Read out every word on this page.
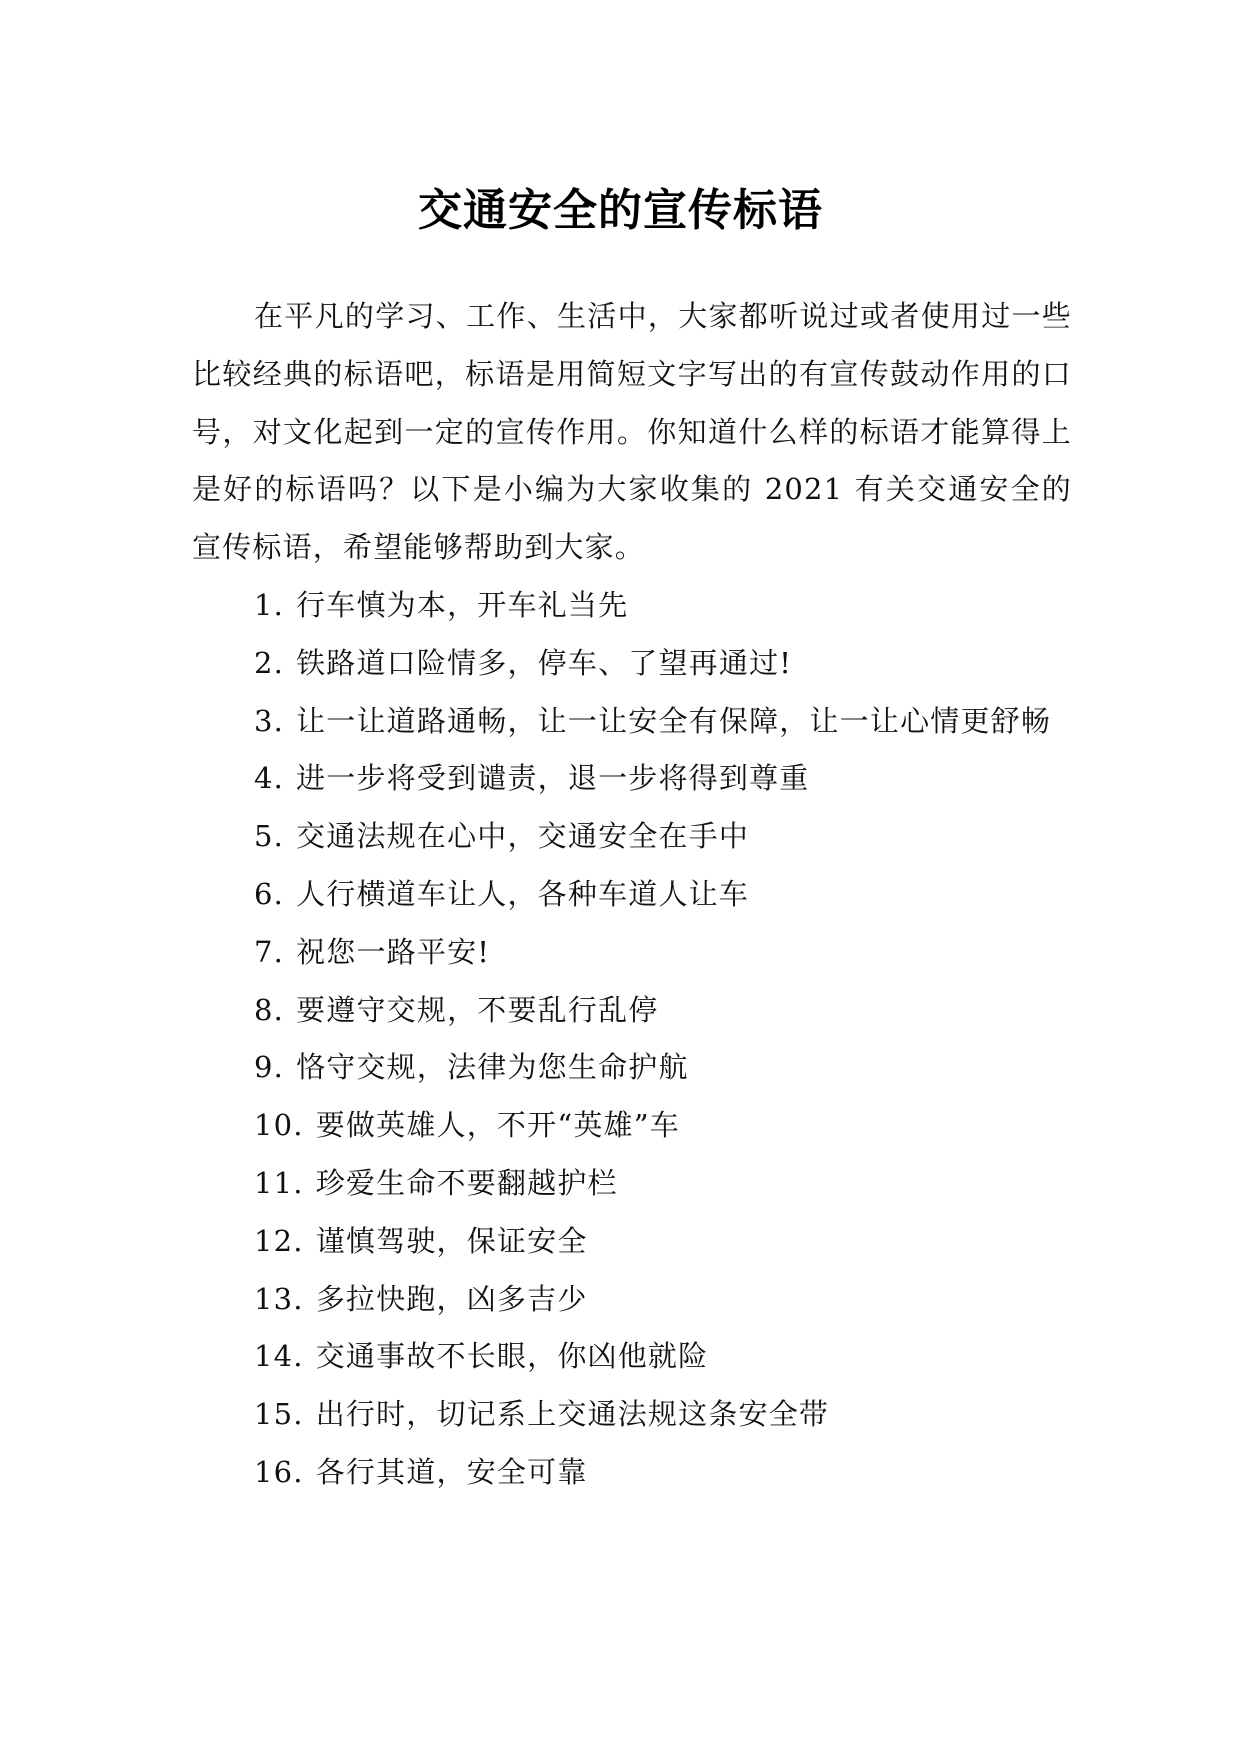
交通安全的宣传标语

在平凡的学习、工作、生活中，大家都听说过或者使用过一些比较经典的标语吧，标语是用简短文字写出的有宣传鼓动作用的口号，对文化起到一定的宣传作用。你知道什么样的标语才能算得上是好的标语吗？以下是小编为大家收集的 2021 有关交通安全的宣传标语，希望能够帮助到大家。

1. 行车慎为本，开车礼当先
2. 铁路道口险情多，停车、了望再通过!
3. 让一让道路通畅，让一让安全有保障，让一让心情更舒畅
4. 进一步将受到谴责，退一步将得到尊重
5. 交通法规在心中，交通安全在手中
6. 人行横道车让人，各种车道人让车
7. 祝您一路平安!
8. 要遵守交规，不要乱行乱停
9. 恪守交规，法律为您生命护航
10. 要做英雄人，不开“英雄”车
11. 珍爱生命不要翻越护栏
12. 谨慎驾驶，保证安全
13. 多拉快跑，凶多吉少
14. 交通事故不长眼，你凶他就险
15. 出行时，切记系上交通法规这条安全带
16. 各行其道，安全可靠
